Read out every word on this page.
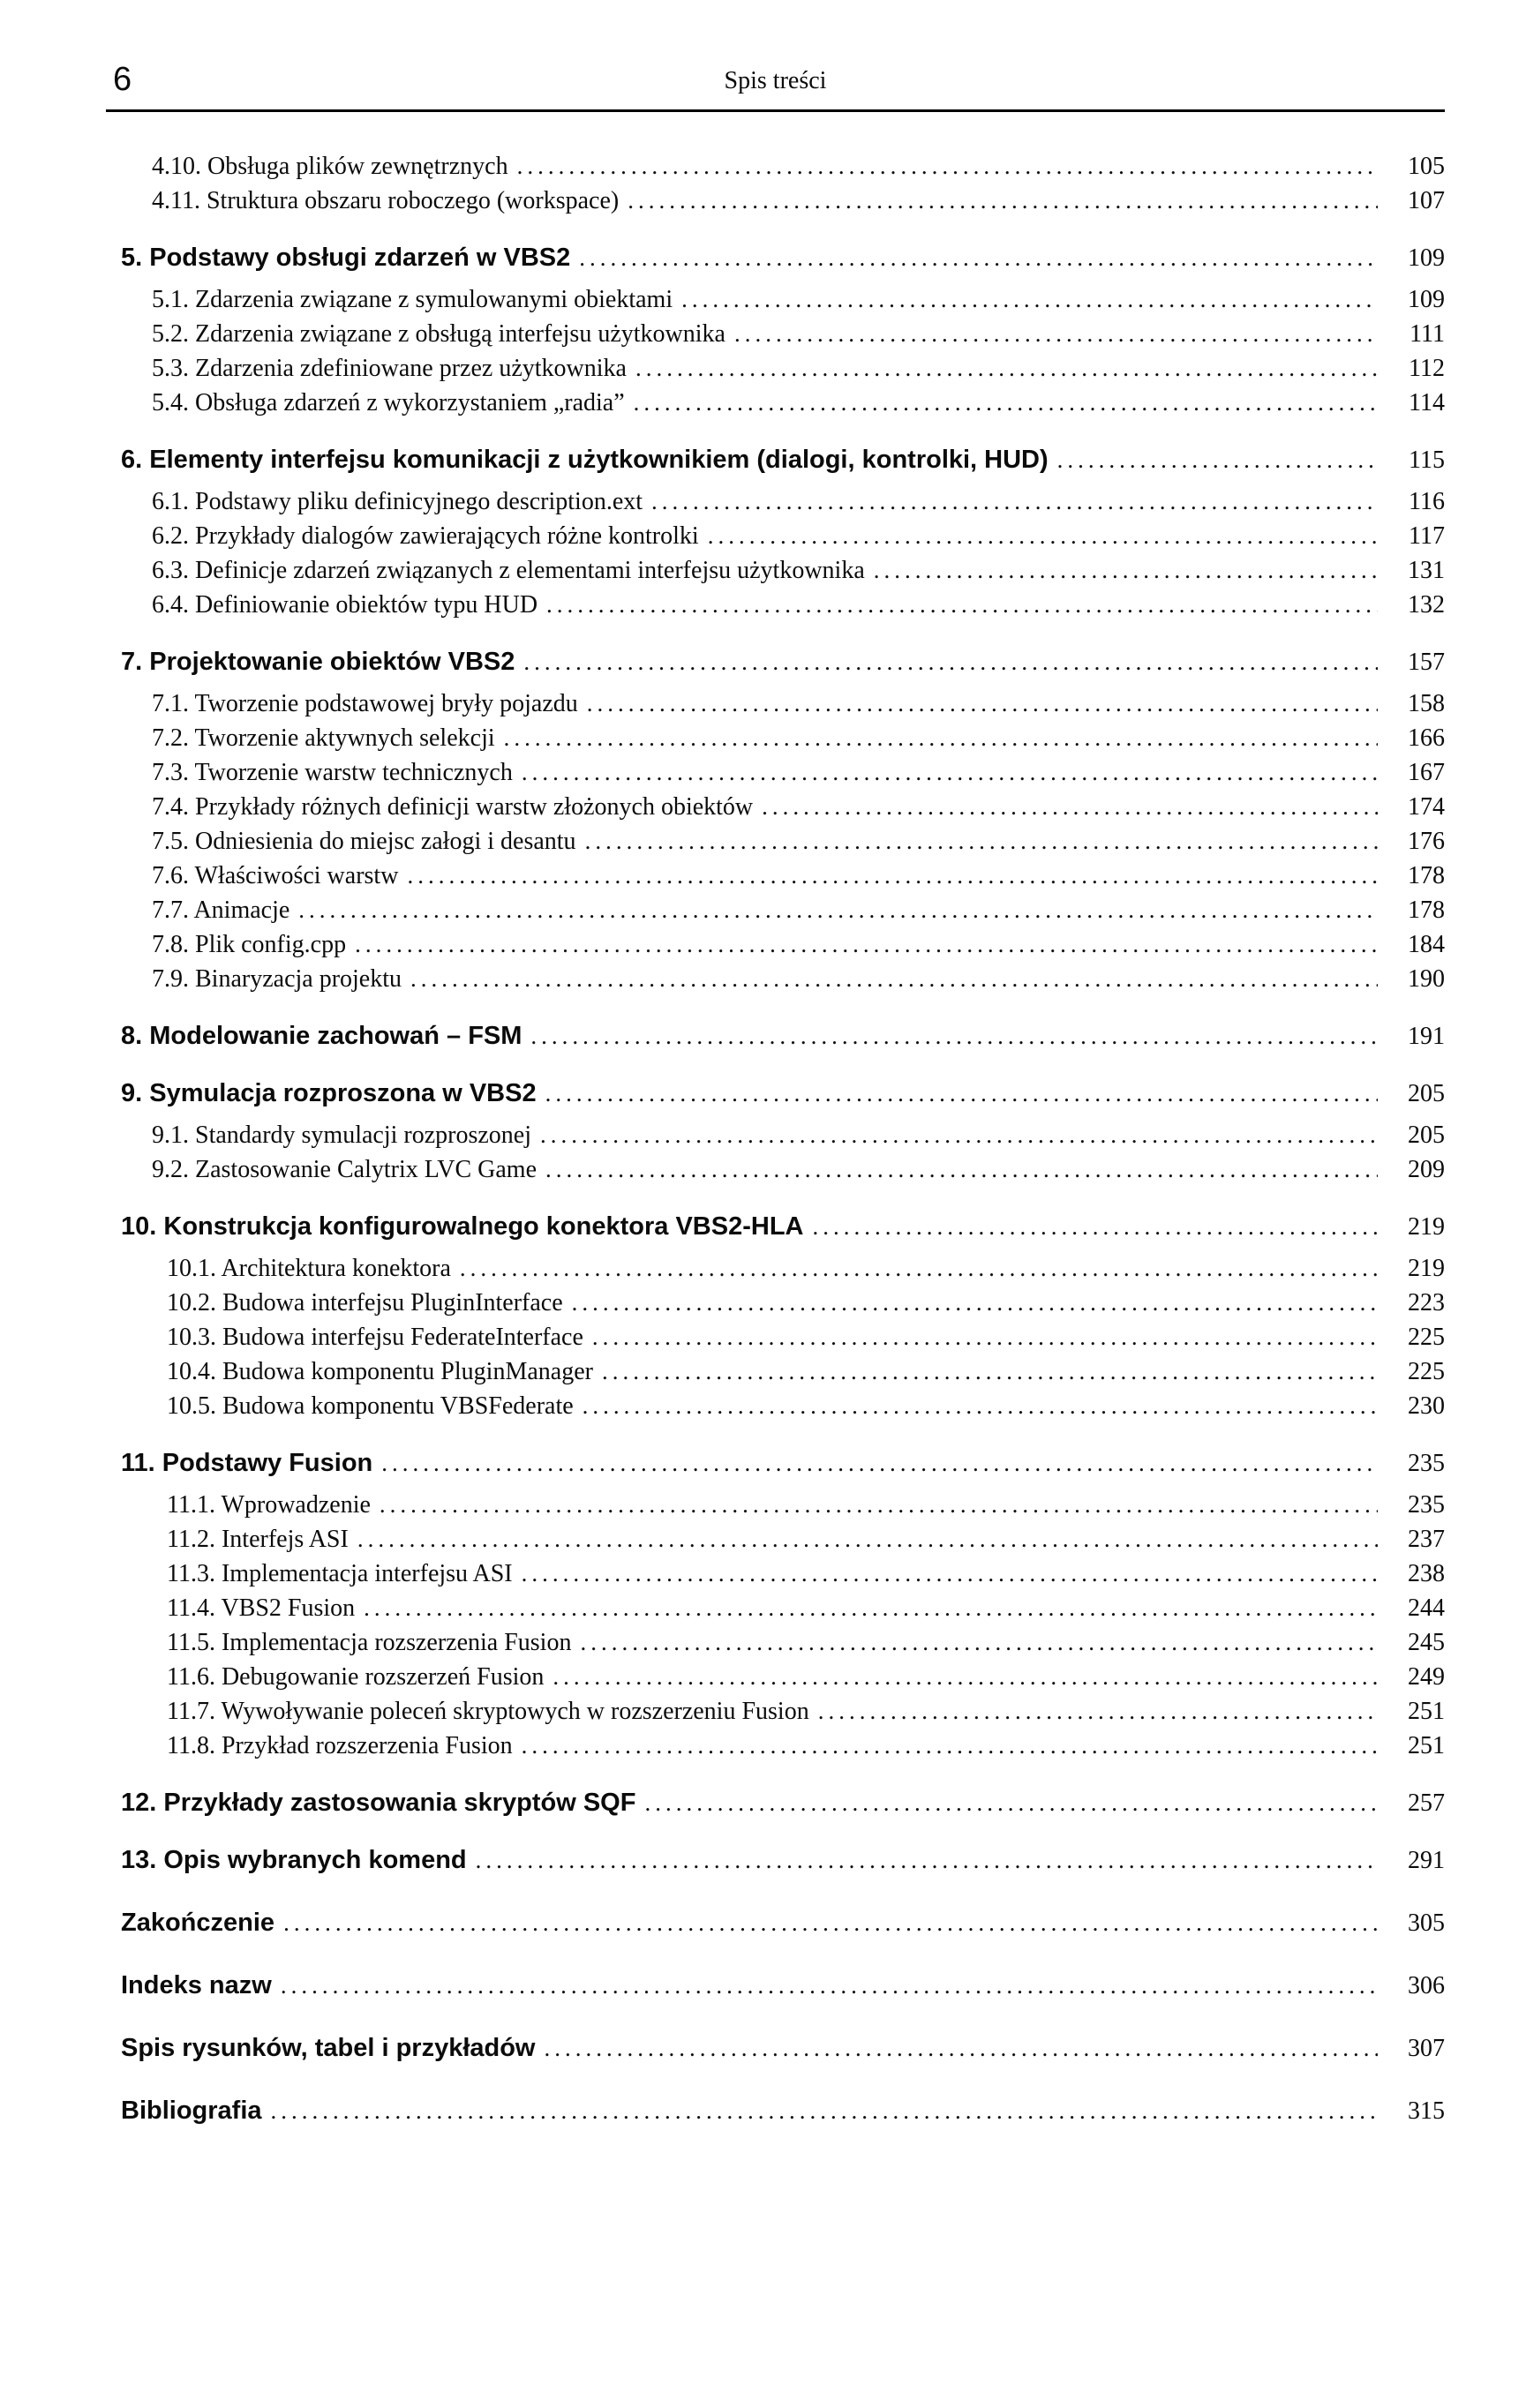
6	Spis treści
4.10. Obsługa plików zewnętrznych .....	105
4.11. Struktura obszaru roboczego (workspace) .....	107
5. Podstawy obsługi zdarzeń w VBS2 .....	109
5.1. Zdarzenia związane z symulowanymi obiektami .....	109
5.2. Zdarzenia związane z obsługą interfejsu użytkownika .....	111
5.3. Zdarzenia zdefiniowane przez użytkownika .....	112
5.4. Obsługa zdarzeń z wykorzystaniem „radia” .....	114
6. Elementy interfejsu komunikacji z użytkownikiem (dialogi, kontrolki, HUD) .....	115
6.1. Podstawy pliku definicyjnego description.ext .....	116
6.2. Przykłady dialogów zawierających różne kontrolki .....	117
6.3. Definicje zdarzeń związanych z elementami interfejsu użytkownika .....	131
6.4. Definiowanie obiektów typu HUD .....	132
7. Projektowanie obiektów VBS2 .....	157
7.1. Tworzenie podstawowej bryły pojazdu .....	158
7.2. Tworzenie aktywnych selekcji .....	166
7.3. Tworzenie warstw technicznych .....	167
7.4. Przykłady różnych definicji warstw złożonych obiektów .....	174
7.5. Odniesienia do miejsc załogi i desantu .....	176
7.6. Właściwości warstw .....	178
7.7. Animacje .....	178
7.8. Plik config.cpp .....	184
7.9. Binaryzacja projektu .....	190
8. Modelowanie zachowań – FSM .....	191
9. Symulacja rozproszona w VBS2 .....	205
9.1. Standardy symulacji rozproszonej .....	205
9.2. Zastosowanie Calytrix LVC Game .....	209
10. Konstrukcja konfigurowalnego konektora VBS2-HLA .....	219
10.1. Architektura konektora .....	219
10.2. Budowa interfejsu PluginInterface .....	223
10.3. Budowa interfejsu FederateInterface .....	225
10.4. Budowa komponentu PluginManager .....	225
10.5. Budowa komponentu VBSFederate .....	230
11. Podstawy Fusion .....	235
11.1. Wprowadzenie .....	235
11.2. Interfejs ASI .....	237
11.3. Implementacja interfejsu ASI .....	238
11.4. VBS2 Fusion .....	244
11.5. Implementacja rozszerzenia Fusion .....	245
11.6. Debugowanie rozszerzeń Fusion .....	249
11.7. Wywoływanie poleceń skryptowych w rozszerzeniu Fusion .....	251
11.8. Przykład rozszerzenia Fusion .....	251
12. Przykłady zastosowania skryptów SQF .....	257
13. Opis wybranych komend .....	291
Zakończenie .....	305
Indeks nazw .....	306
Spis rysunków, tabel i przykładów .....	307
Bibliografia .....	315
